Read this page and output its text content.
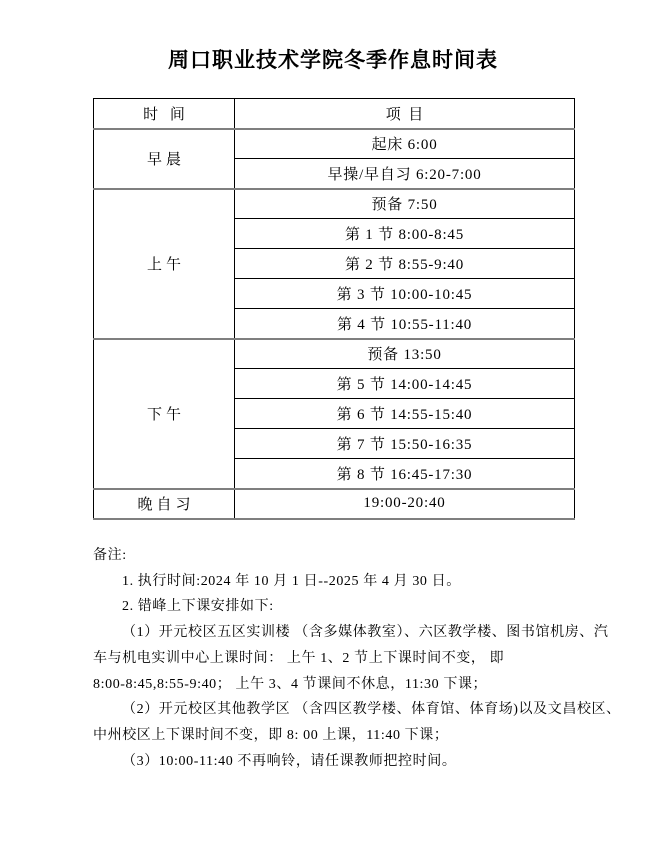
周口职业技术学院冬季作息时间表
时 间	项  目
早晨	起床 6:00
	早操/早自习 6:20-7:00
上午	预备 7:50
	第 1 节 8:00-8:45
	第 2 节 8:55-9:40
	第 3 节 10:00-10:45
	第 4 节 10:55-11:40
下午	预备 13:50
	第 5 节 14:00-14:45
	第 6 节 14:55-15:40
	第 7 节 15:50-16:35
	第 8 节 16:45-17:30
晚自习	19:00-20:40
备注:
1. 执行时间:2024 年 10 月 1 日--2025 年 4 月 30 日。
2. 错峰上下课安排如下:
（1）开元校区五区实训楼 （含多媒体教室）、六区教学楼、图书馆机房、汽
车与机电实训中心上课时间： 上午 1、2 节上下课时间不变， 即
8:00-8:45,8:55-9:40； 上午 3、4 节课间不休息，11:30 下课；
（2）开元校区其他教学区 （含四区教学楼、体育馆、体育场)以及文昌校区、
中州校区上下课时间不变，即 8: 00 上课，11:40 下课；
（3）10:00-11:40 不再响铃，请任课教师把控时间。
